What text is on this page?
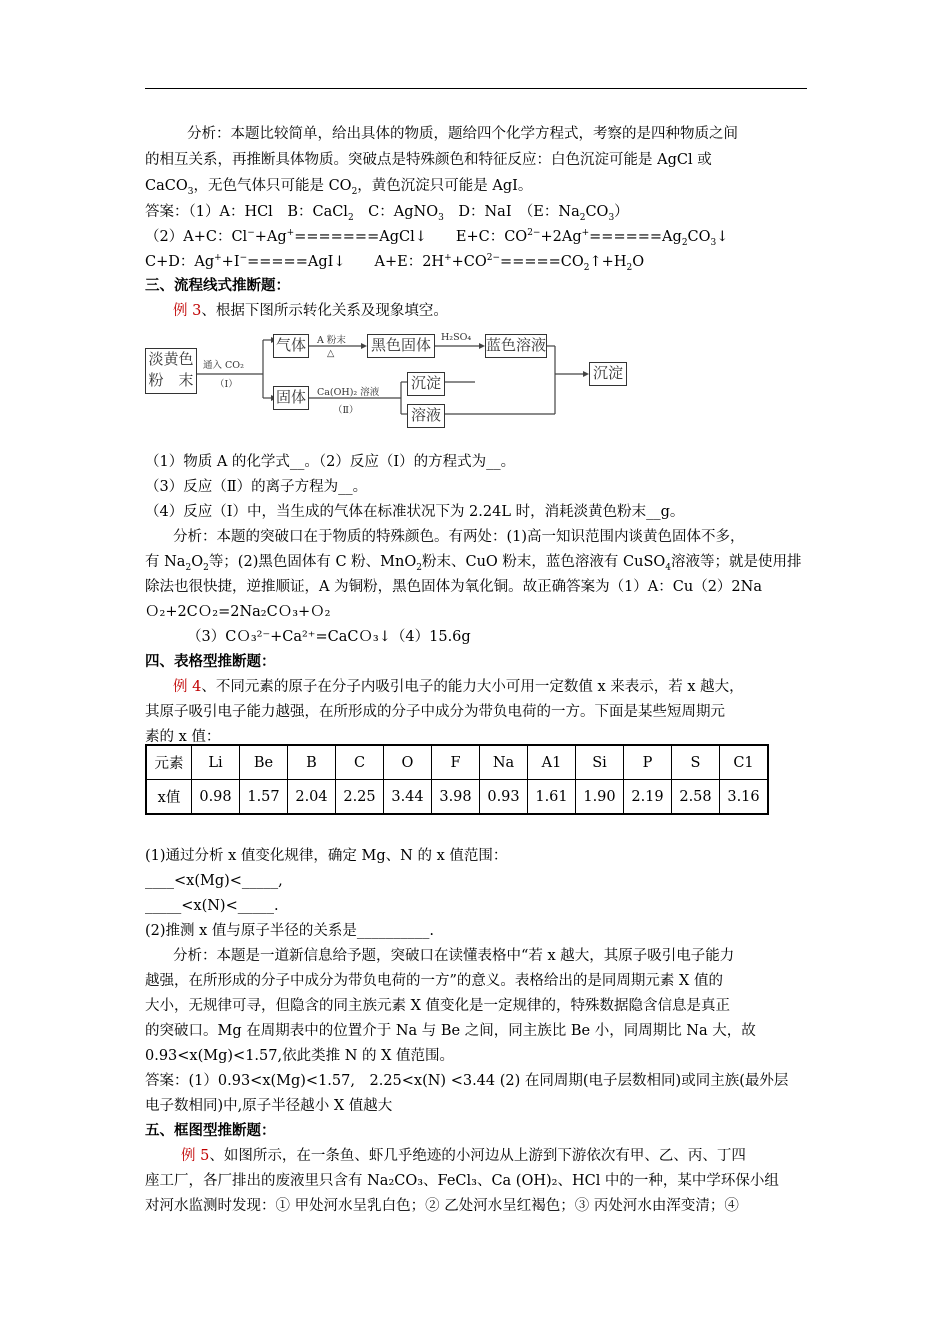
分析：本题比较简单，给出具体的物质，题给四个化学方程式，考察的是四种物质之间
的相互关系，再推断具体物质。突破点是特殊颜色和特征反应：白色沉淀可能是 AgCl 或
CaCO$_3$，无色气体只可能是 $CO_2$，黄色沉淀只可能是 AgI。
答案：（1）A：HCl　B：CaCl$_2$　C：AgNO$_3$　D：NaI　（E：$Na_2CO_3$）
（2）A+C：Cl−+Ag+=======AgCl↓　　E+C：$CO^{2-}+2Ag^+======Ag_2CO_3↓$
C+D：Ag++I−=====AgI↓　　A+E：$2H^++CO^{2-}=====CO_2↑+H_2O$
三、流程线式推断题：
例 3、根据下图所示转化关系及现象填空。
淡黄色
粉　末
通入 CO₂
（Ⅰ）
气体
固体
A 粉末
△ 黑色固体	H₂SO₄ 蓝色溶液
Ca(OH)₂ 溶液
（Ⅱ）
沉淀
溶液
沉淀
（1）物质 A 的化学式__。（2）反应（I）的方程式为__。
（3）反应（Ⅱ）的离子方程为__。
（4）反应（I）中，当生成的气体在标准状况下为 2.24L 时，消耗淡黄色粉末__g。
分析：本题的突破口在于物质的特殊颜色。有两处：(1)高一知识范围内谈黄色固体不多，
有 $Na_2O_2$等；(2)黑色固体有 C 粉、MnO$_2$粉末、CuO 粉末，蓝色溶液有 CuSO$_4$溶液等；就是使用排
除法也很快捷，逆推顺证，A 为铜粉，黑色固体为氧化铜。故正确答案为（1）A：Cu（2）2Na
Ｏ₂+2CＯ₂=2Na₂CＯ₃+Ｏ₂
（3）CＯ₃²⁻+Ca²⁺=CaCＯ₃↓（4）15.6g
四、表格型推断题：
例 4、不同元素的原子在分子内吸引电子的能力大小可用一定数值 x 来表示，若 x 越大，
其原子吸引电子能力越强，在所形成的分子中成分为带负电荷的一方。下面是某些短周期元
素的 x 值：
元素	Li	Be	B	C	O	F	Na	A1	Si	P	S	C1
x值	0.98	1.57	2.04	2.25	3.44	3.98	0.93	1.61	1.90	2.19	2.58	3.16
(1)通过分析 x 值变化规律，确定 Mg、N 的 x 值范围：
____<x(Mg)<_____,
_____<x(N)<_____.
(2)推测 x 值与原子半径的关系是__________.
分析：本题是一道新信息给予题，突破口在读懂表格中“若 x 越大，其原子吸引电子能力
越强，在所形成的分子中成分为带负电荷的一方”的意义。表格给出的是同周期元素 X 值的
大小，无规律可寻，但隐含的同主族元素 X 值变化是一定规律的，特殊数据隐含信息是真正
的突破口。Mg 在周期表中的位置介于 Na 与 Be 之间，同主族比 Be 小，同周期比 Na 大，故
0.93<x(Mg)<1.57,依此类推 N 的 X 值范围。
答案：(1）0.93<x(Mg)<1.57,　2.25<x(N) <3.44 (2) 在同周期(电子层数相同)或同主族(最外层
电子数相同)中,原子半径越小 X 值越大
五、框图型推断题：
例 5、如图所示，在一条鱼、虾几乎绝迹的小河边从上游到下游依次有甲、乙、丙、丁四
座工厂，各厂排出的废液里只含有 Na₂CO₃、FeCl₃、Ca (OH)₂、HCl 中的一种，某中学环保小组
对河水监测时发现：① 甲处河水呈乳白色；② 乙处河水呈红褐色；③ 丙处河水由浑变清；④
